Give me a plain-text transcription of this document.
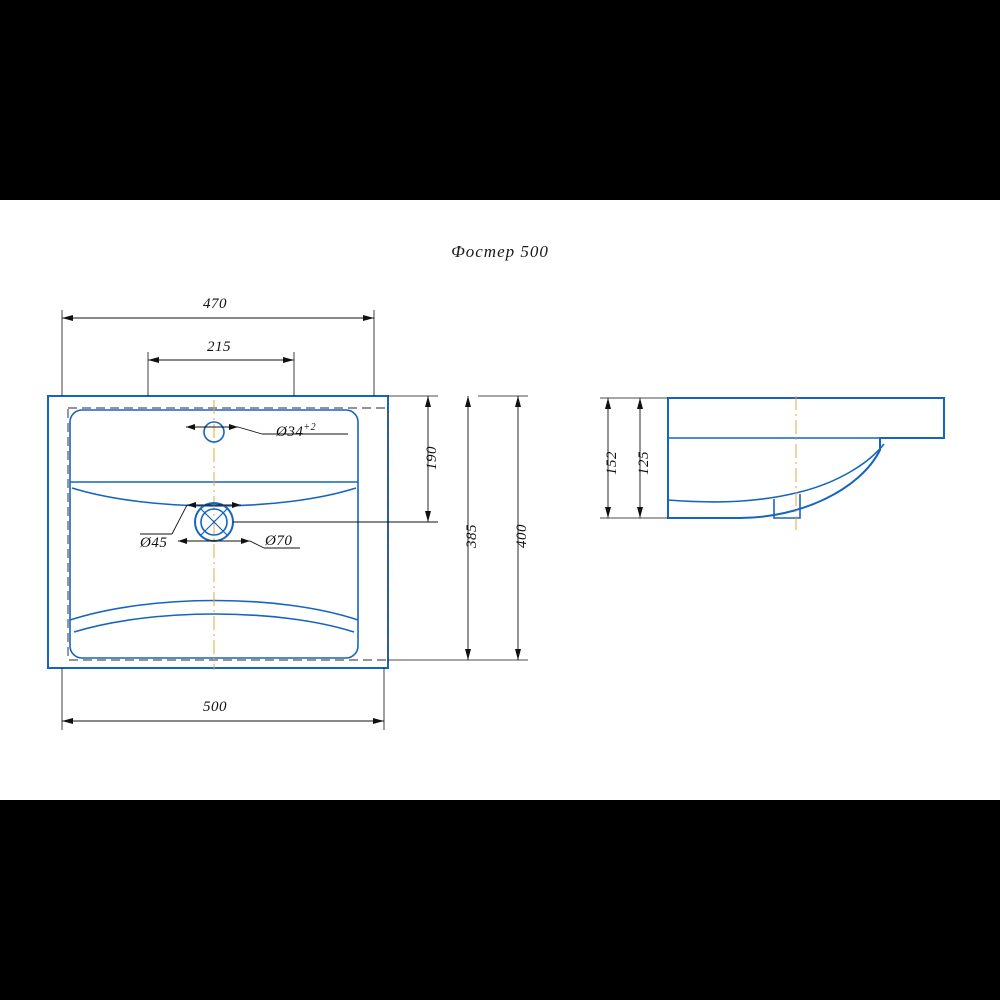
Фостер 500
470
215
$Ø34^{+2}$
Ø45	Ø70
190
385 400
500
152 125
